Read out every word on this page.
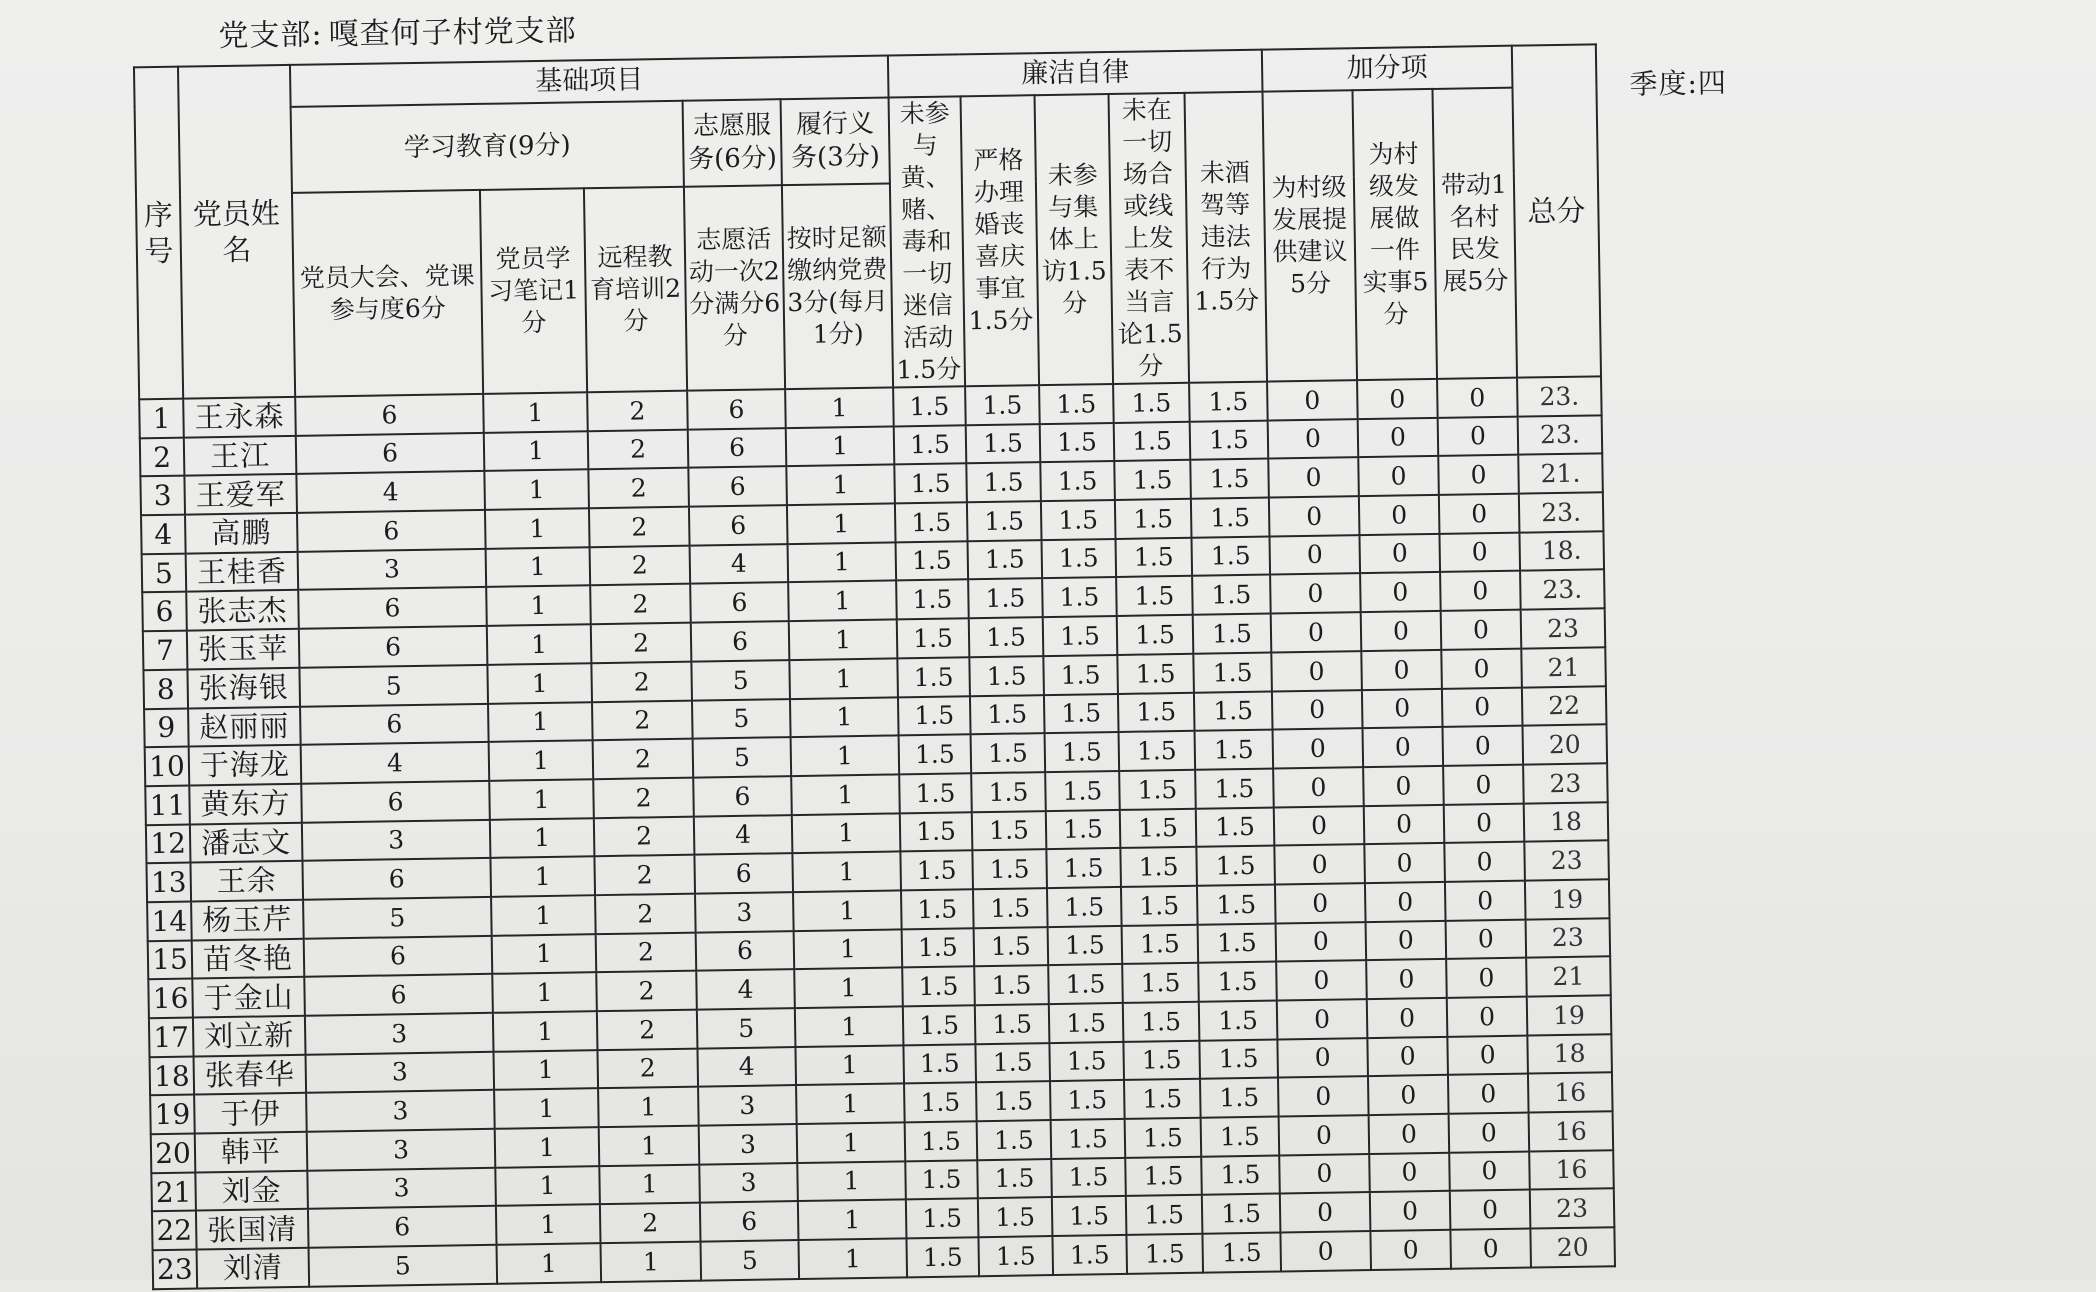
党支部: 嘎查何子村党支部
季度:四
序号	党员姓名	基础项目					廉洁自律					加分项			总分
		学习教育(9分)			志愿服务(6分)	履行义务(3分)	未参与黄、赌、毒和一切迷信活动1.5分	严格办理婚丧喜庆事宜1.5分	未参与集体上访1.5分	未在一切场合或线上发表不当言论1.5分	未酒驾等违法行为1.5分	为村级发展提供建议5分	为村级发展做一件实事5分	带动1名村民发展5分	
		党员大会、党课参与度6分	党员学习笔记1分	远程教育培训2分	志愿活动一次2分满分6分	按时足额缴纳党费3分(每月1分)									
1	王永森	6	1	2	6	1	1.5	1.5	1.5	1.5	1.5	0	0	0	23.
2	王江	6	1	2	6	1	1.5	1.5	1.5	1.5	1.5	0	0	0	23.
3	王爱军	4	1	2	6	1	1.5	1.5	1.5	1.5	1.5	0	0	0	21.
4	高鹏	6	1	2	6	1	1.5	1.5	1.5	1.5	1.5	0	0	0	23.
5	王桂香	3	1	2	4	1	1.5	1.5	1.5	1.5	1.5	0	0	0	18.
6	张志杰	6	1	2	6	1	1.5	1.5	1.5	1.5	1.5	0	0	0	23.
7	张玉苹	6	1	2	6	1	1.5	1.5	1.5	1.5	1.5	0	0	0	23
8	张海银	5	1	2	5	1	1.5	1.5	1.5	1.5	1.5	0	0	0	21
9	赵丽丽	6	1	2	5	1	1.5	1.5	1.5	1.5	1.5	0	0	0	22
10	于海龙	4	1	2	5	1	1.5	1.5	1.5	1.5	1.5	0	0	0	20
11	黄东方	6	1	2	6	1	1.5	1.5	1.5	1.5	1.5	0	0	0	23
12	潘志文	3	1	2	4	1	1.5	1.5	1.5	1.5	1.5	0	0	0	18
13	王余	6	1	2	6	1	1.5	1.5	1.5	1.5	1.5	0	0	0	23
14	杨玉芹	5	1	2	3	1	1.5	1.5	1.5	1.5	1.5	0	0	0	19
15	苗冬艳	6	1	2	6	1	1.5	1.5	1.5	1.5	1.5	0	0	0	23
16	于金山	6	1	2	4	1	1.5	1.5	1.5	1.5	1.5	0	0	0	21
17	刘立新	3	1	2	5	1	1.5	1.5	1.5	1.5	1.5	0	0	0	19
18	张春华	3	1	2	4	1	1.5	1.5	1.5	1.5	1.5	0	0	0	18
19	于伊	3	1	1	3	1	1.5	1.5	1.5	1.5	1.5	0	0	0	16
20	韩平	3	1	1	3	1	1.5	1.5	1.5	1.5	1.5	0	0	0	16
21	刘金	3	1	1	3	1	1.5	1.5	1.5	1.5	1.5	0	0	0	16
22	张国清	6	1	2	6	1	1.5	1.5	1.5	1.5	1.5	0	0	0	23
23	刘清	5	1	1	5	1	1.5	1.5	1.5	1.5	1.5	0	0	0	20
